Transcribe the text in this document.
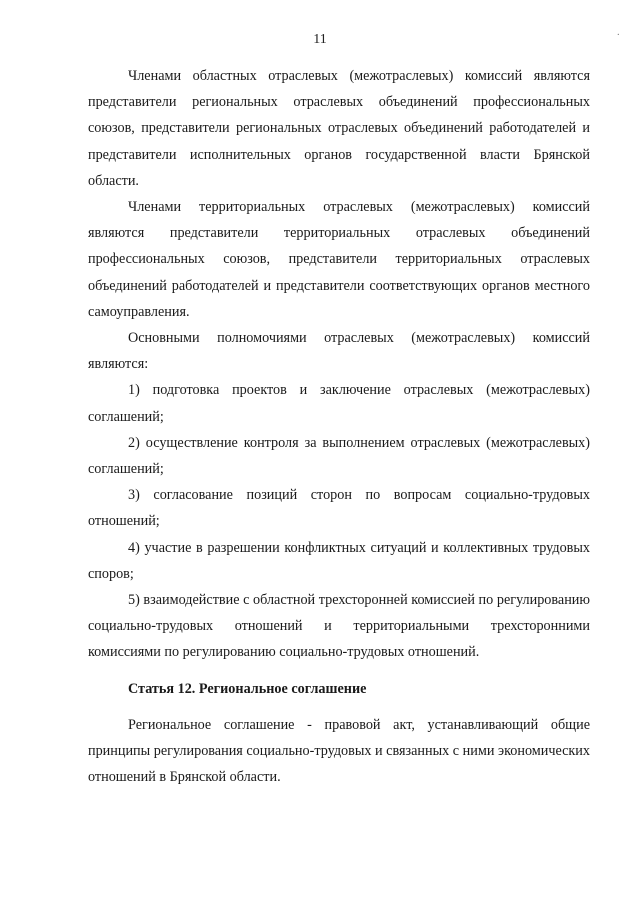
11	·

Членами областных отраслевых (межотраслевых) комиссий являются представители региональных отраслевых объединений профессиональных союзов, представители региональных отраслевых объединений работодателей и представители исполнительных органов государственной власти Брянской области.

Членами территориальных отраслевых (межотраслевых) комиссий являются представители территориальных отраслевых объединений профессиональных союзов, представители территориальных отраслевых объединений работодателей и представители соответствующих органов местного самоуправления.

Основными полномочиями отраслевых (межотраслевых) комиссий являются:

1) подготовка проектов и заключение отраслевых (межотраслевых) соглашений;

2) осуществление контроля за выполнением отраслевых (межотраслевых) соглашений;

3) согласование позиций сторон по вопросам социально-трудовых отношений;

4) участие в разрешении конфликтных ситуаций и коллективных трудовых споров;

5) взаимодействие с областной трехсторонней комиссией по регулированию социально-трудовых отношений и территориальными трехсторонними комиссиями по регулированию социально-трудовых отношений.

Статья 12. Региональное соглашение

Региональное соглашение - правовой акт, устанавливающий общие принципы регулирования социально-трудовых и связанных с ними экономических отношений в Брянской области.
